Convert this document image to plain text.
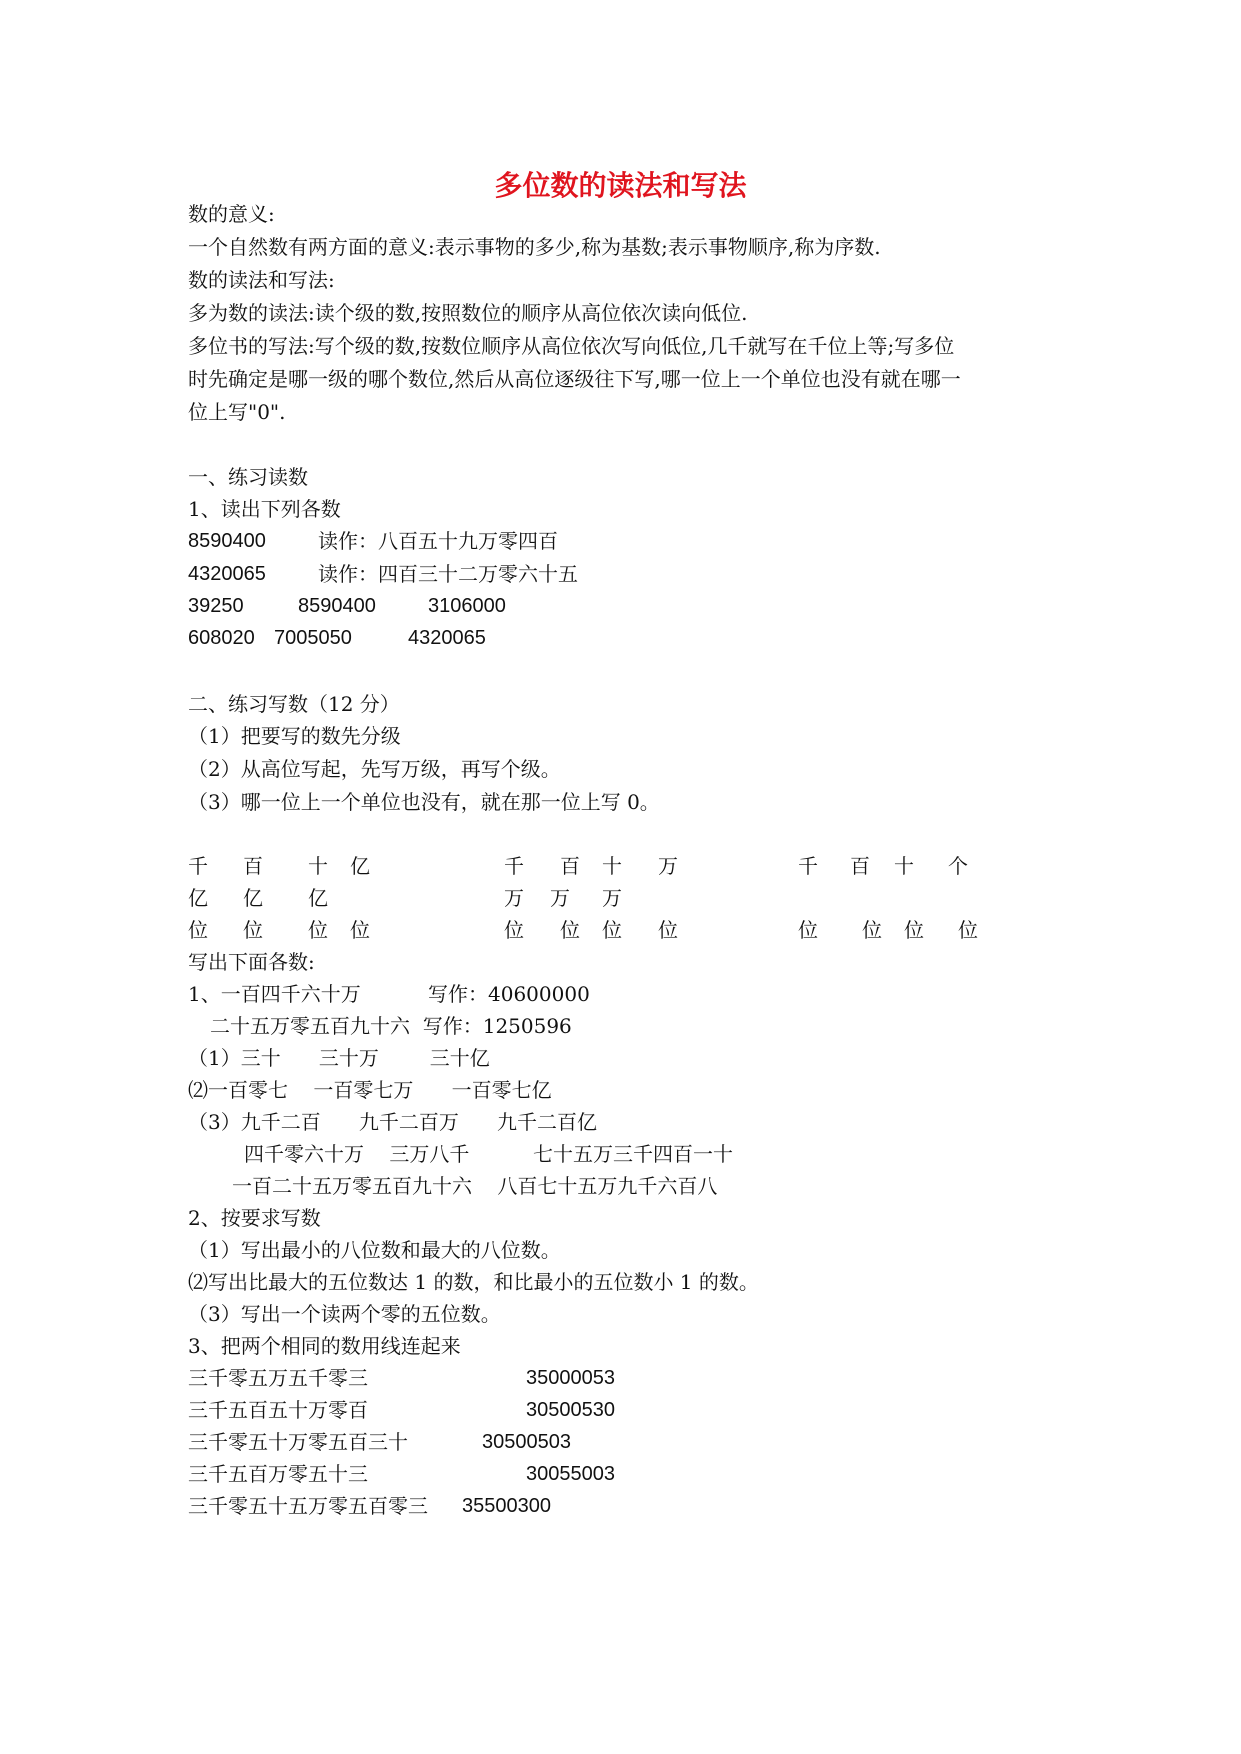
多位数的读法和写法
数的意义:
一个自然数有两方面的意义:表示事物的多少,称为基数;表示事物顺序,称为序数.
数的读法和写法:
多为数的读法:读个级的数,按照数位的顺序从高位依次读向低位.
多位书的写法:写个级的数,按数位顺序从高位依次写向低位,几千就写在千位上等;写多位
时先确定是哪一级的哪个数位,然后从高位逐级往下写,哪一位上一个单位也没有就在哪一
位上写"0".
一、练习读数
1、读出下列各数
8590400	读作：八百五十九万零四百
4320065	读作：四百三十二万零六十五
39250	8590400	3106000
608020 7005050	4320065
二、练习写数（12 分）
（1）把要写的数先分级
（2）从高位写起，先写万级，再写个级。
（3）哪一位上一个单位也没有，就在那一位上写 0。
千 百 十 亿	千 百 十 万	千 百 十 个
亿 亿 亿	万 万 万
位 位 位 位	位 位 位 位	位 位 位 位
写出下面各数:
1、一百四千六十万	写作：40600000
二十五万零五百九十六  写作：1250596
（1）三十      三十万        三十亿
⑵一百零七    一百零七万      一百零七亿
（3）九千二百      九千二百万      九千二百亿
四千零六十万    三万八千          七十五万三千四百一十
一百二十五万零五百九十六    八百七十五万九千六百八
2、按要求写数
（1）写出最小的八位数和最大的八位数。
⑵写出比最大的五位数达 1 的数，和比最小的五位数小 1 的数。
（3）写出一个读两个零的五位数。
3、把两个相同的数用线连起来
三千零五万五千零三	35000053
三千五百五十万零百	30500530
三千零五十万零五百三十	30500503
三千五百万零五十三	30055003
三千零五十五万零五百零三 35500300
